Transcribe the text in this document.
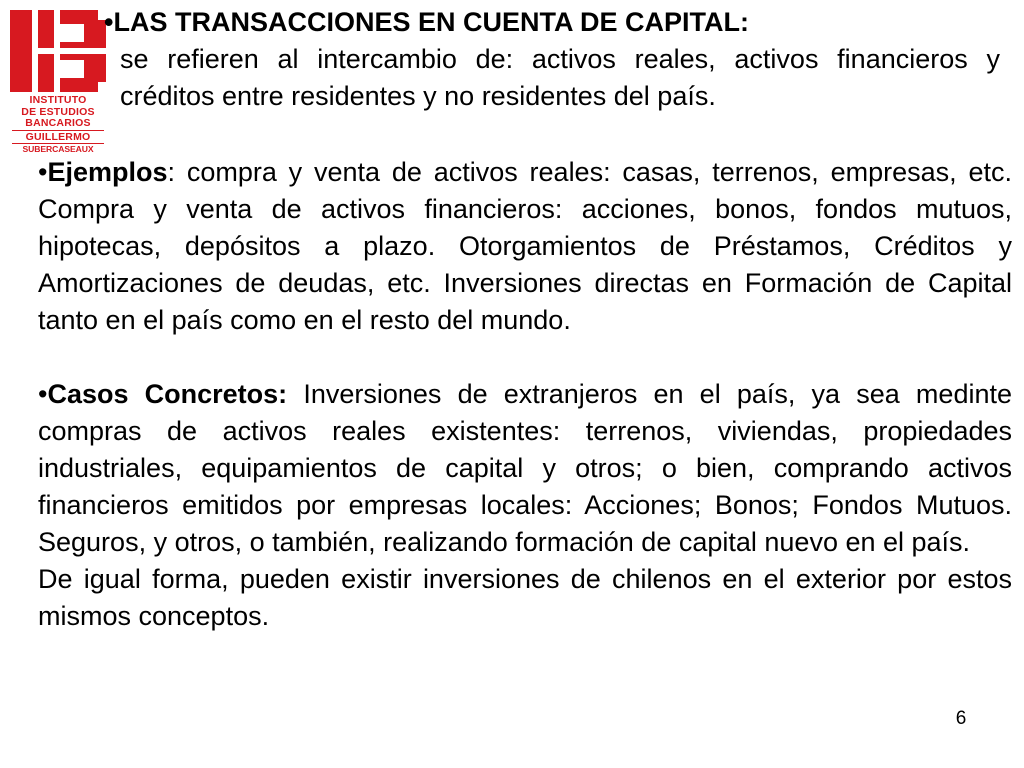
INSTITUTO
DE ESTUDIOS
BANCARIOS
GUILLERMO
SUBERCASEAUX
•LAS TRANSACCIONES EN CUENTA DE CAPITAL:
se refieren al intercambio de: activos reales, activos financieros y créditos entre residentes y no residentes del país.

•Ejemplos: compra y venta de activos reales: casas, terrenos, empresas, etc. Compra y venta de activos financieros: acciones, bonos, fondos mutuos, hipotecas, depósitos a plazo. Otorgamientos de Préstamos, Créditos y Amortizaciones de deudas, etc. Inversiones directas en Formación de Capital tanto en el país como en el resto del mundo.

•Casos Concretos: Inversiones de extranjeros en el país, ya sea medinte compras de activos reales existentes: terrenos, viviendas, propiedades industriales, equipamientos de capital y otros; o bien, comprando activos financieros emitidos por empresas locales: Acciones; Bonos; Fondos Mutuos. Seguros, y otros, o también, realizando formación de capital nuevo en el país.

De igual forma, pueden existir inversiones de chilenos en el exterior por estos mismos conceptos.

6
